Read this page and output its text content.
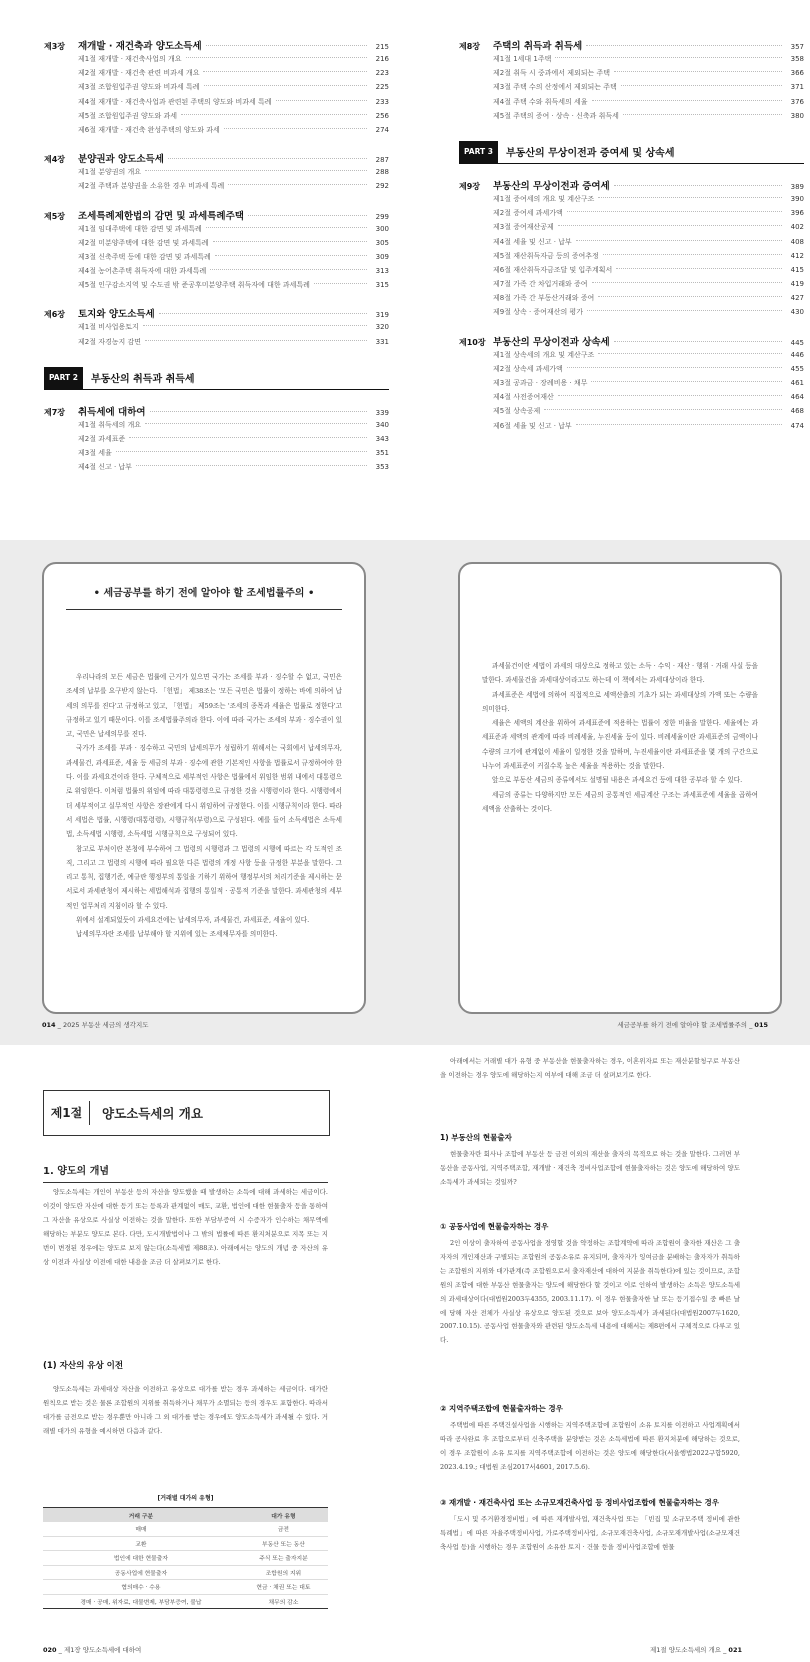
제3장	재개발 · 재건축과 양도소득세	215
제1절 재개발 · 재건축사업의 개요	216
제2절 재개발 · 재건축 관련 비과세 개요	223
제3절 조합원입주권 양도와 비과세 특례	225
제4절 재개발 · 재건축사업과 관련된 주택의 양도와 비과세 특례	233
제5절 조합원입주권 양도와 과세	256
제6절 재개발 · 재건축 완성주택의 양도와 과세	274
제4장	분양권과 양도소득세	287
제1절 분양권의 개요	288
제2절 주택과 분양권을 소유한 경우 비과세 특례	292
제5장	조세특례제한법의 감면 및 과세특례주택	299
제1절 임대주택에 대한 감면 및 과세특례	300
제2절 미분양주택에 대한 감면 및 과세특례	305
제3절 신축주택 등에 대한 감면 및 과세특례	309
제4절 농어촌주택 취득자에 대한 과세특례	313
제5절 인구감소지역 및 수도권 밖 준공후미분양주택 취득자에 대한 과세특례	315
제6장	토지와 양도소득세	319
제1절 비사업용토지	320
제2절 자경농지 감면	331
PART 2	부동산의 취득과 취득세
제7장	취득세에 대하여	339
제1절 취득세의 개요	340
제2절 과세표준	343
제3절 세율	351
제4절 신고 · 납부	353
제8장	주택의 취득과 취득세	357
제1절 1세대 1주택	358
제2절 취득 시 중과에서 제외되는 주택	366
제3절 주택 수의 산정에서 제외되는 주택	371
제4절 주택 수와 취득세의 세율	376
제5절 주택의 증여 · 상속 · 신축과 취득세	380
PART 3	부동산의 무상이전과 증여세 및 상속세
제9장	부동산의 무상이전과 증여세	389
제1절 증여세의 개요 및 계산구조	390
제2절 증여세 과세가액	396
제3절 증여재산공제	402
제4절 세율 및 신고 · 납부	408
제5절 재산취득자금 등의 증여추정	412
제6절 재산취득자금조달 및 입주계획서	415
제7절 가족 간 차입거래와 증여	419
제8절 가족 간 부동산거래와 증여	427
제9절 상속 · 증여재산의 평가	430
제10장 부동산의 무상이전과 상속세	445
제1절 상속세의 개요 및 계산구조	446
제2절 상속세 과세가액	455
제3절 공과금 · 장례비용 · 채무	461
제4절 사전증여재산	464
제5절 상속공제	468
제6절 세율 및 신고 · 납부	474
• 세금공부를 하기 전에 알아야 할 조세법률주의 •

우리나라의 모든 세금은 법률에 근거가 있으면 국가는 조세를 부과 · 징수할 수 없고, 국민은 조세의 납부를 요구받지 않는다. 「헌법」 제38조는 '모든 국민은 법률이 정하는 바에 의하여 납세의 의무를 진다'고 규정하고 있고, 「헌법」 제59조는 '조세의 종목과 세율은 법률로 정한다'고 규정하고 있기 때문이다. 이를 조세법률주의라 한다. 이에 따라 국가는 조세의 부과 · 징수권이 있고, 국민은 납세의무를 진다.

국가가 조세를 부과 · 징수하고 국민의 납세의무가 성립하기 위해서는 국회에서 납세의무자, 과세물건, 과세표준, 세율 등 세금의 부과 · 징수에 관한 기본적인 사항을 법률로서 규정하여야 한다. 이를 과세요건이라 한다. 구체적으로 세부적인 사항은 법률에서 위임한 범위 내에서 대통령으로 위임한다. 이처럼 법률의 위임에 따라 대통령령으로 규정한 것을 시행령이라 한다. 시행령에서 더 세부적이고 실무적인 사항은 장관에게 다시 위임하여 규정한다. 이를 시행규칙이라 한다. 따라서 세법은 법률, 시행령(대통령령), 시행규칙(부령)으로 구성된다. 예를 들어 소득세법은 소득세법, 소득세법 시행령, 소득세법 시행규칙으로 구성되어 있다.

참고로 부처이란 본청에 부수하여 그 법령의 시행령과 그 법령의 시행에 따르는 각 도적인 조직, 그리고 그 법령의 시행에 따라 필요한 다른 법령의 개정 사항 등을 규정한 부분을 말한다. 그리고 통칙, 집행기준, 예규란 행정부의 통일을 기하기 위하여 행정부서의 처리기준을 제시하는 문서로서 과세관청이 제시하는 세법해석과 집행의 통일적 · 공통적 기준을 말한다. 과세관청의 세부적인 업무처리 지침이라 할 수 있다.

위에서 설계되었듯이 과세요건에는 납세의무자, 과세물건, 과세표준, 세율이 있다.

납세의무자란 조세를 납부해야 할 지위에 있는 조세채무자를 의미한다.

과세물건이란 세법이 과세의 대상으로 정하고 있는 소득 · 수익 · 재산 · 행위 · 거래 사실 등을 말한다. 과세물건을 과세대상이라고도 하는데 이 책에서는 과세대상이라 한다.

과세표준은 세법에 의하여 직접적으로 세액산출의 기초가 되는 과세대상의 가액 또는 수량을 의미한다.

세율은 세액의 계산을 위하여 과세표준에 적용하는 법률이 정한 비율을 말한다. 세율에는 과세표준과 세액의 관계에 따라 비례세율, 누진세율 등이 있다. 비례세율이란 과세표준의 금액이나 수량의 크기에 관계없이 세율이 일정한 것을 말하며, 누진세율이란 과세표준을 몇 개의 구간으로 나누어 과세표준이 커질수록 높은 세율을 적용하는 것을 말한다.

앞으로 부동산 세금의 종류에서도 설명될 내용은 과세요건 등에 대한 공부라 할 수 있다.

세금의 종류는 다양하지만 모든 세금의 공통적인 세금계산 구조는 과세표준에 세율을 곱하여 세액을 산출하는 것이다.

014 _ 2025 부동산 세금의 생각지도	세금공부를 하기 전에 알아야 할 조세법률주의 _ 015
제1절	양도소득세의 개요
1. 양도의 개념

양도소득세는 개인이 부동산 등의 자산을 양도했을 때 발생하는 소득에 대해 과세하는 세금이다. 이것이 양도란 자산에 대한 등기 또는 등록과 관계없이 매도, 교환, 법인에 대한 현물출자 등을 통하여 그 자산을 유상으로 사실상 이전하는 것을 말한다. 또한 부담부증여 시 수증자가 인수하는 채무액에 해당하는 부분도 양도로 본다. 다만, 도시개발법이나 그 밖의 법률에 따른 환지처분으로 지목 또는 지번이 변경된 경우에는 양도로 보지 않는다(소득세법 제88조). 아래에서는 양도의 개념 중 자산의 유상 이전과 사실상 이전에 대한 내용을 조금 더 살펴보기로 한다.

(1) 자산의 유상 이전

양도소득세는 과세대상 자산을 이전하고 유상으로 대가를 받는 경우 과세하는 세금이다. 대가란 원칙으로 받는 것은 물론 조합원의 지위를 취득하거나 채무가 소멸되는 등의 경우도 포함한다. 따라서 대가를 금전으로 받는 경우뿐만 아니라 그 외 대가를 받는 경우에도 양도소득세가 과세될 수 있다. 거래별 대가의 유형을 예시하면 다음과 같다.

[거래별 대가의 유형]
거래 구분	대가 유형
매매	금전
교환	부동산 또는 동산
법인에 대한 현물출자	주식 또는 출자지분
공동사업에 현물출자	조합원의 지위
협의매수 · 수용	현금 · 채권 또는 대토
경매 · 공매, 위자료, 대물변제, 부담부증여, 불납	채무의 감소

아래에서는 거래별 대가 유형 중 부동산을 현물출자하는 경우, 이혼위자료 또는 재산분할청구로 부동산을 이전하는 경우 양도에 해당하는지 여부에 대해 조금 더 살펴보기로 한다.

1) 부동산의 현물출자

현물출자란 회사나 조합에 부동산 등 금전 이외의 재산을 출자의 목적으로 하는 것을 말한다. 그러면 부동산을 공동사업, 지역주택조합, 재개발 · 재건축 정비사업조합에 현물출자하는 것은 양도에 해당하여 양도소득세가 과세되는 것일까?

① 공동사업에 현물출자하는 경우

2인 이상이 출자하여 공동사업을 경영할 것을 약정하는 조합계약에 따라 조합원이 출자한 재산은 그 출자자의 개인재산과 구별되는 조합원의 공동소유로 유지되며, 출자자가 잉여금을 분배하는 출자자가 취득하는 조합원의 지위와 대가관계(즉 조합원으로서 출자재산에 대하여 지분을 취득한다)에 있는 것이므로, 조합원의 조합에 대한 부동산 현물출자는 양도에 해당한다 할 것이고 이로 인하여 발생하는 소득은 양도소득세의 과세대상이다(대법원2003두4355, 2003.11.17). 이 경우 현물출자한 날 또는 등기접수일 중 빠른 날에 당해 자산 전체가 사실상 유상으로 양도된 것으로 보아 양도소득세가 과세된다(대법원2007두1620, 2007.10.15). 공동사업 현물출자와 관련된 양도소득세 내용에 대해서는 제8편에서 구체적으로 다루고 있다.

② 지역주택조합에 현물출자하는 경우

주택법에 따른 주택건설사업을 시행하는 지역주택조합에 조합원이 소유 토지를 이전하고 사업계획에서 따라 공사완료 후 조합으로부터 신축주택을 분양받는 것은 소득세법에 따른 환지처분에 해당하는 것으로, 이 경우 조합원이 소유 토지를 지역주택조합에 이전하는 것은 양도에 해당한다(서울행법2022구합5920, 2023.4.19.; 대법원 조심2017서4601, 2017.5.6).

③ 재개발 · 재건축사업 또는 소규모재건축사업 등 정비사업조합에 현물출자하는 경우

「도시 및 주거환경정비법」에 따른 재개발사업, 재건축사업 또는 「빈집 및 소규모주택 정비에 관한 특례법」에 따른 자율주택정비사업, 가로주택정비사업, 소규모재건축사업, 소규모재개발사업(소규모재건축사업 등)을 시행하는 경우 조합원이 소유한 토지 · 건물 등을 정비사업조합에 현물

020 _ 제1장 양도소득세에 대하여	제1절 양도소득세의 개요 _ 021
